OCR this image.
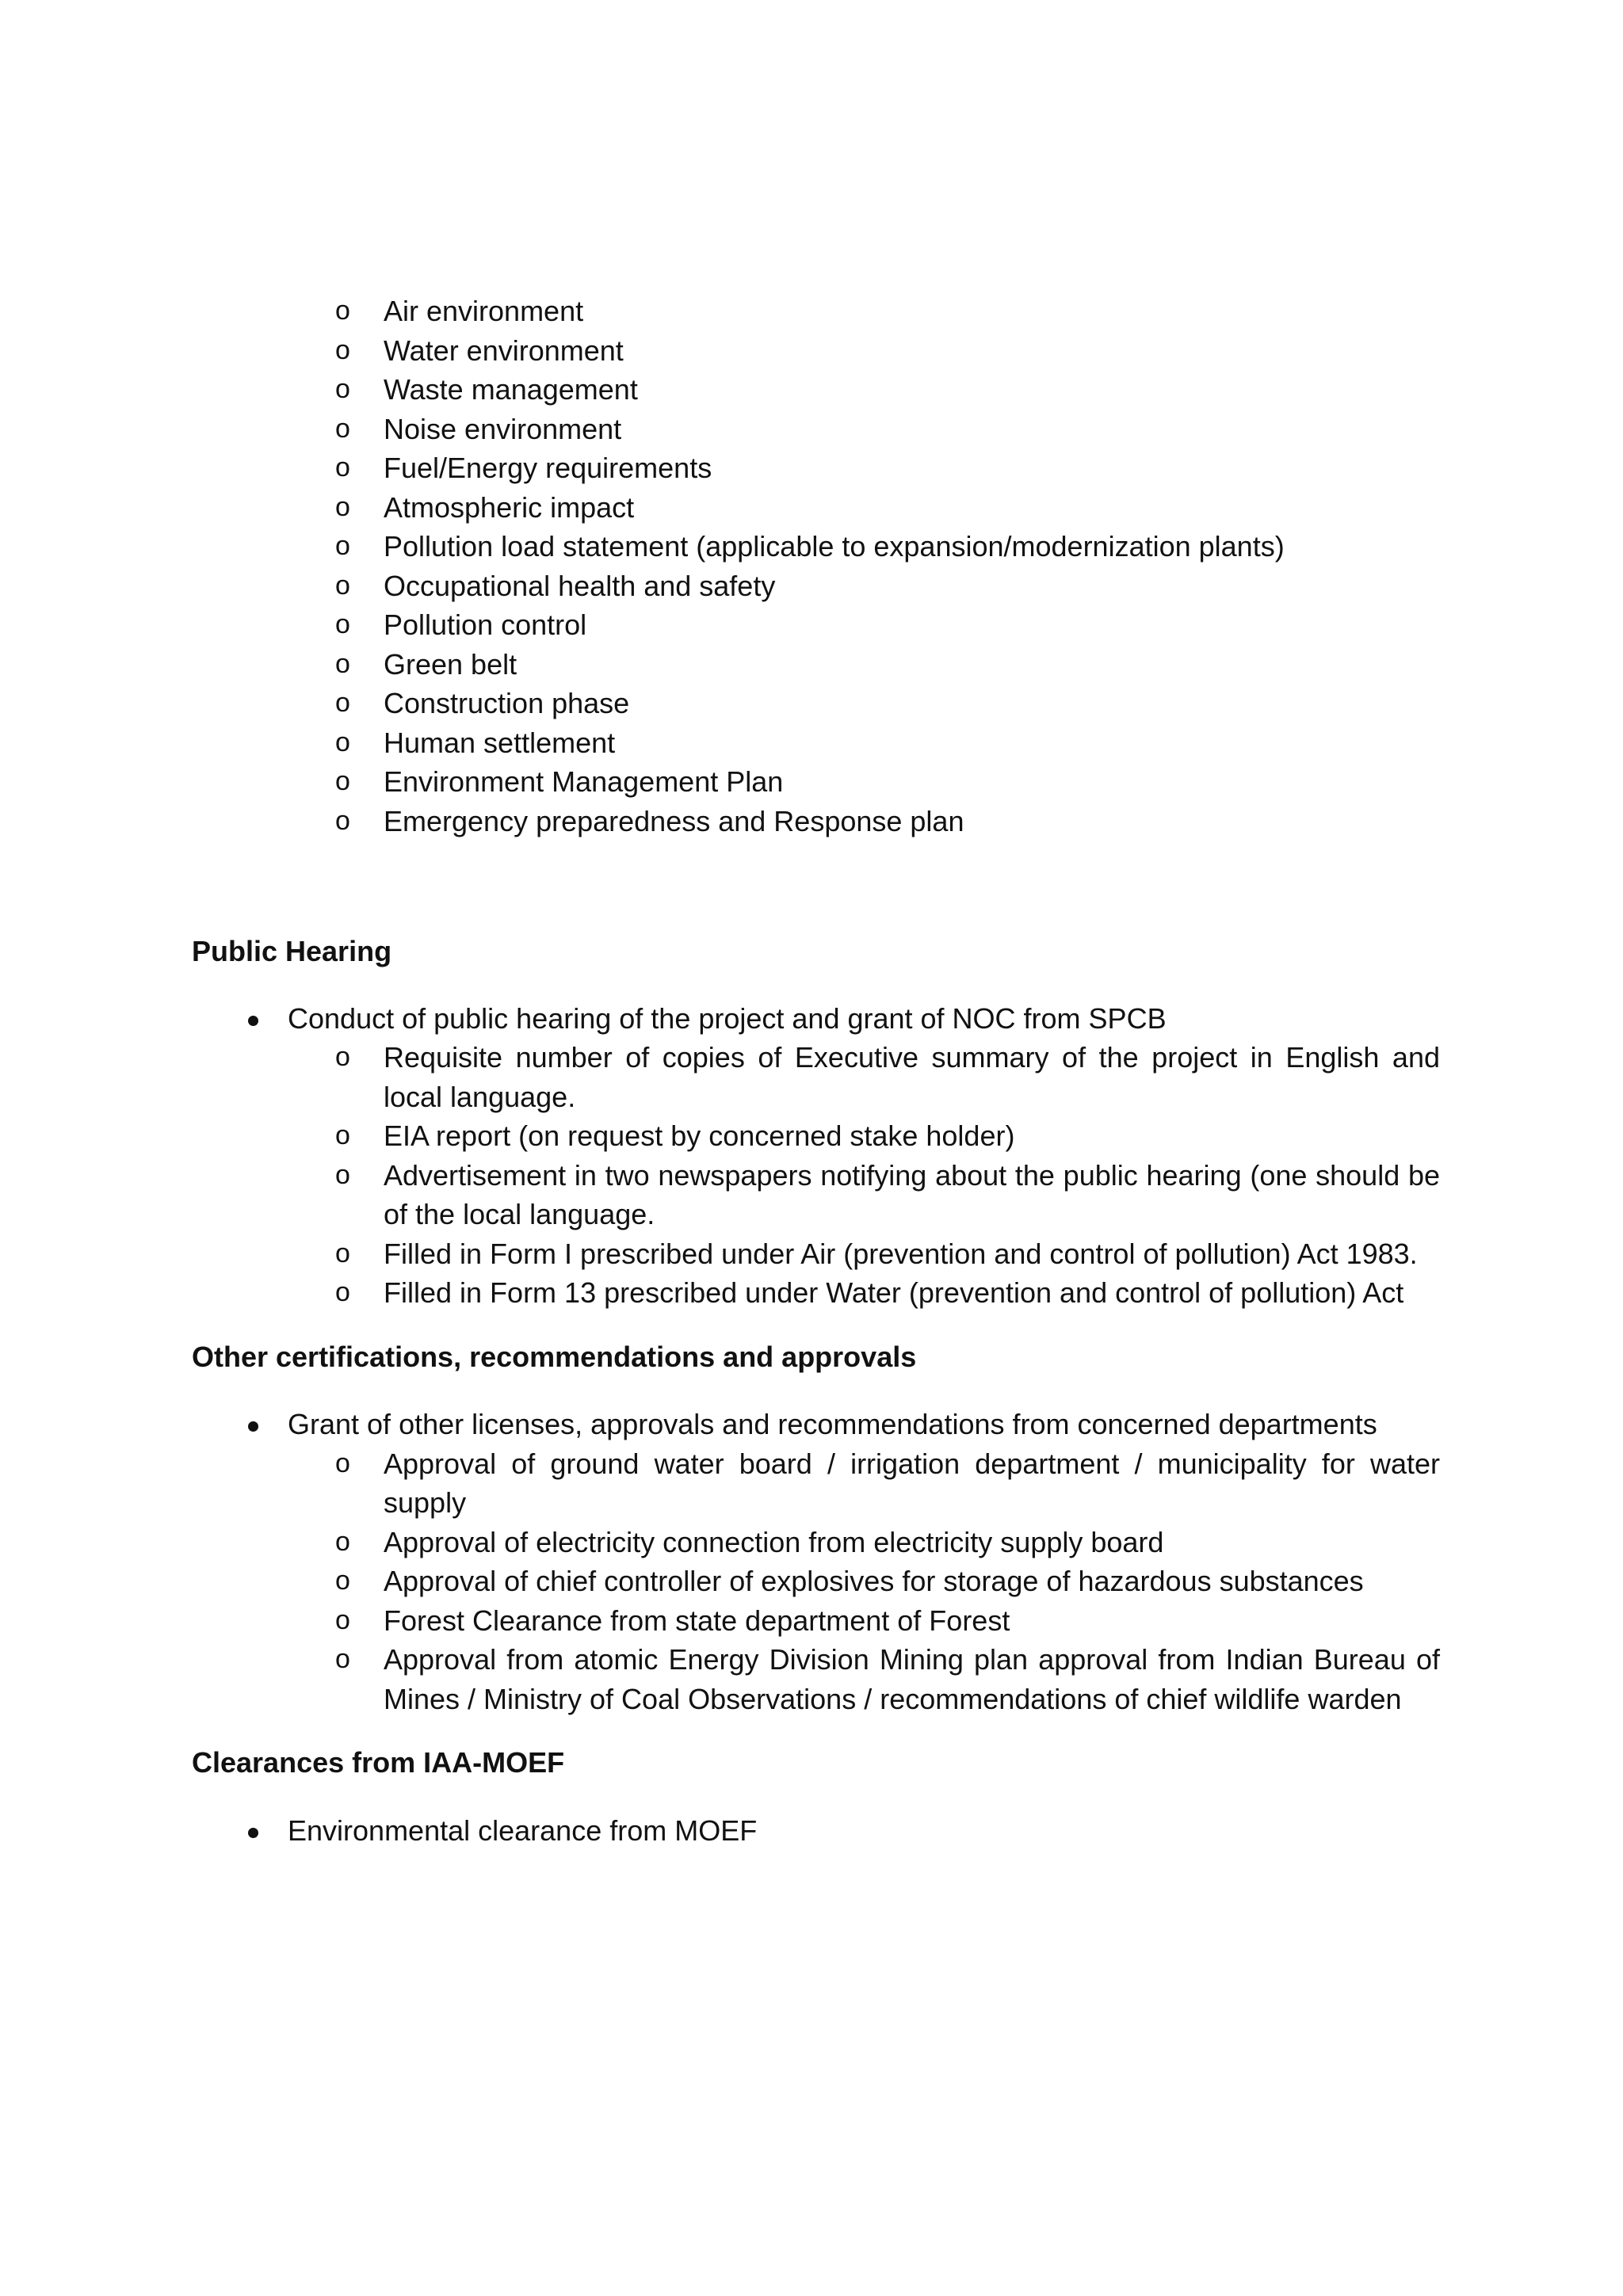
o Air environment
o Water environment
o Waste management
o Noise environment
o Fuel/Energy requirements
o Atmospheric impact
o Pollution load statement (applicable to expansion/modernization plants)
o Occupational health and safety
o Pollution control
o Green belt
o Construction phase
o Human settlement
o Environment Management Plan
o Emergency preparedness and Response plan
Public Hearing
Conduct of public hearing of the project and grant of NOC from SPCB
o Requisite number of copies of Executive summary of the project in English and local language.
o EIA report (on request by concerned stake holder)
o Advertisement in two newspapers notifying about the public hearing (one should be of the local language.
o Filled in Form I prescribed under Air (prevention and control of pollution) Act 1983.
o Filled in Form 13 prescribed under Water (prevention and control of pollution) Act
Other certifications, recommendations and approvals
Grant of other licenses, approvals and recommendations from concerned departments
o Approval of ground water board / irrigation department / municipality for water supply
o Approval of electricity connection from electricity supply board
o Approval of chief controller of explosives for storage of hazardous substances
o Forest Clearance from state department of Forest
o Approval from atomic Energy Division Mining plan approval from Indian Bureau of Mines / Ministry of Coal Observations / recommendations of chief wildlife warden
Clearances from IAA-MOEF
Environmental clearance from MOEF
